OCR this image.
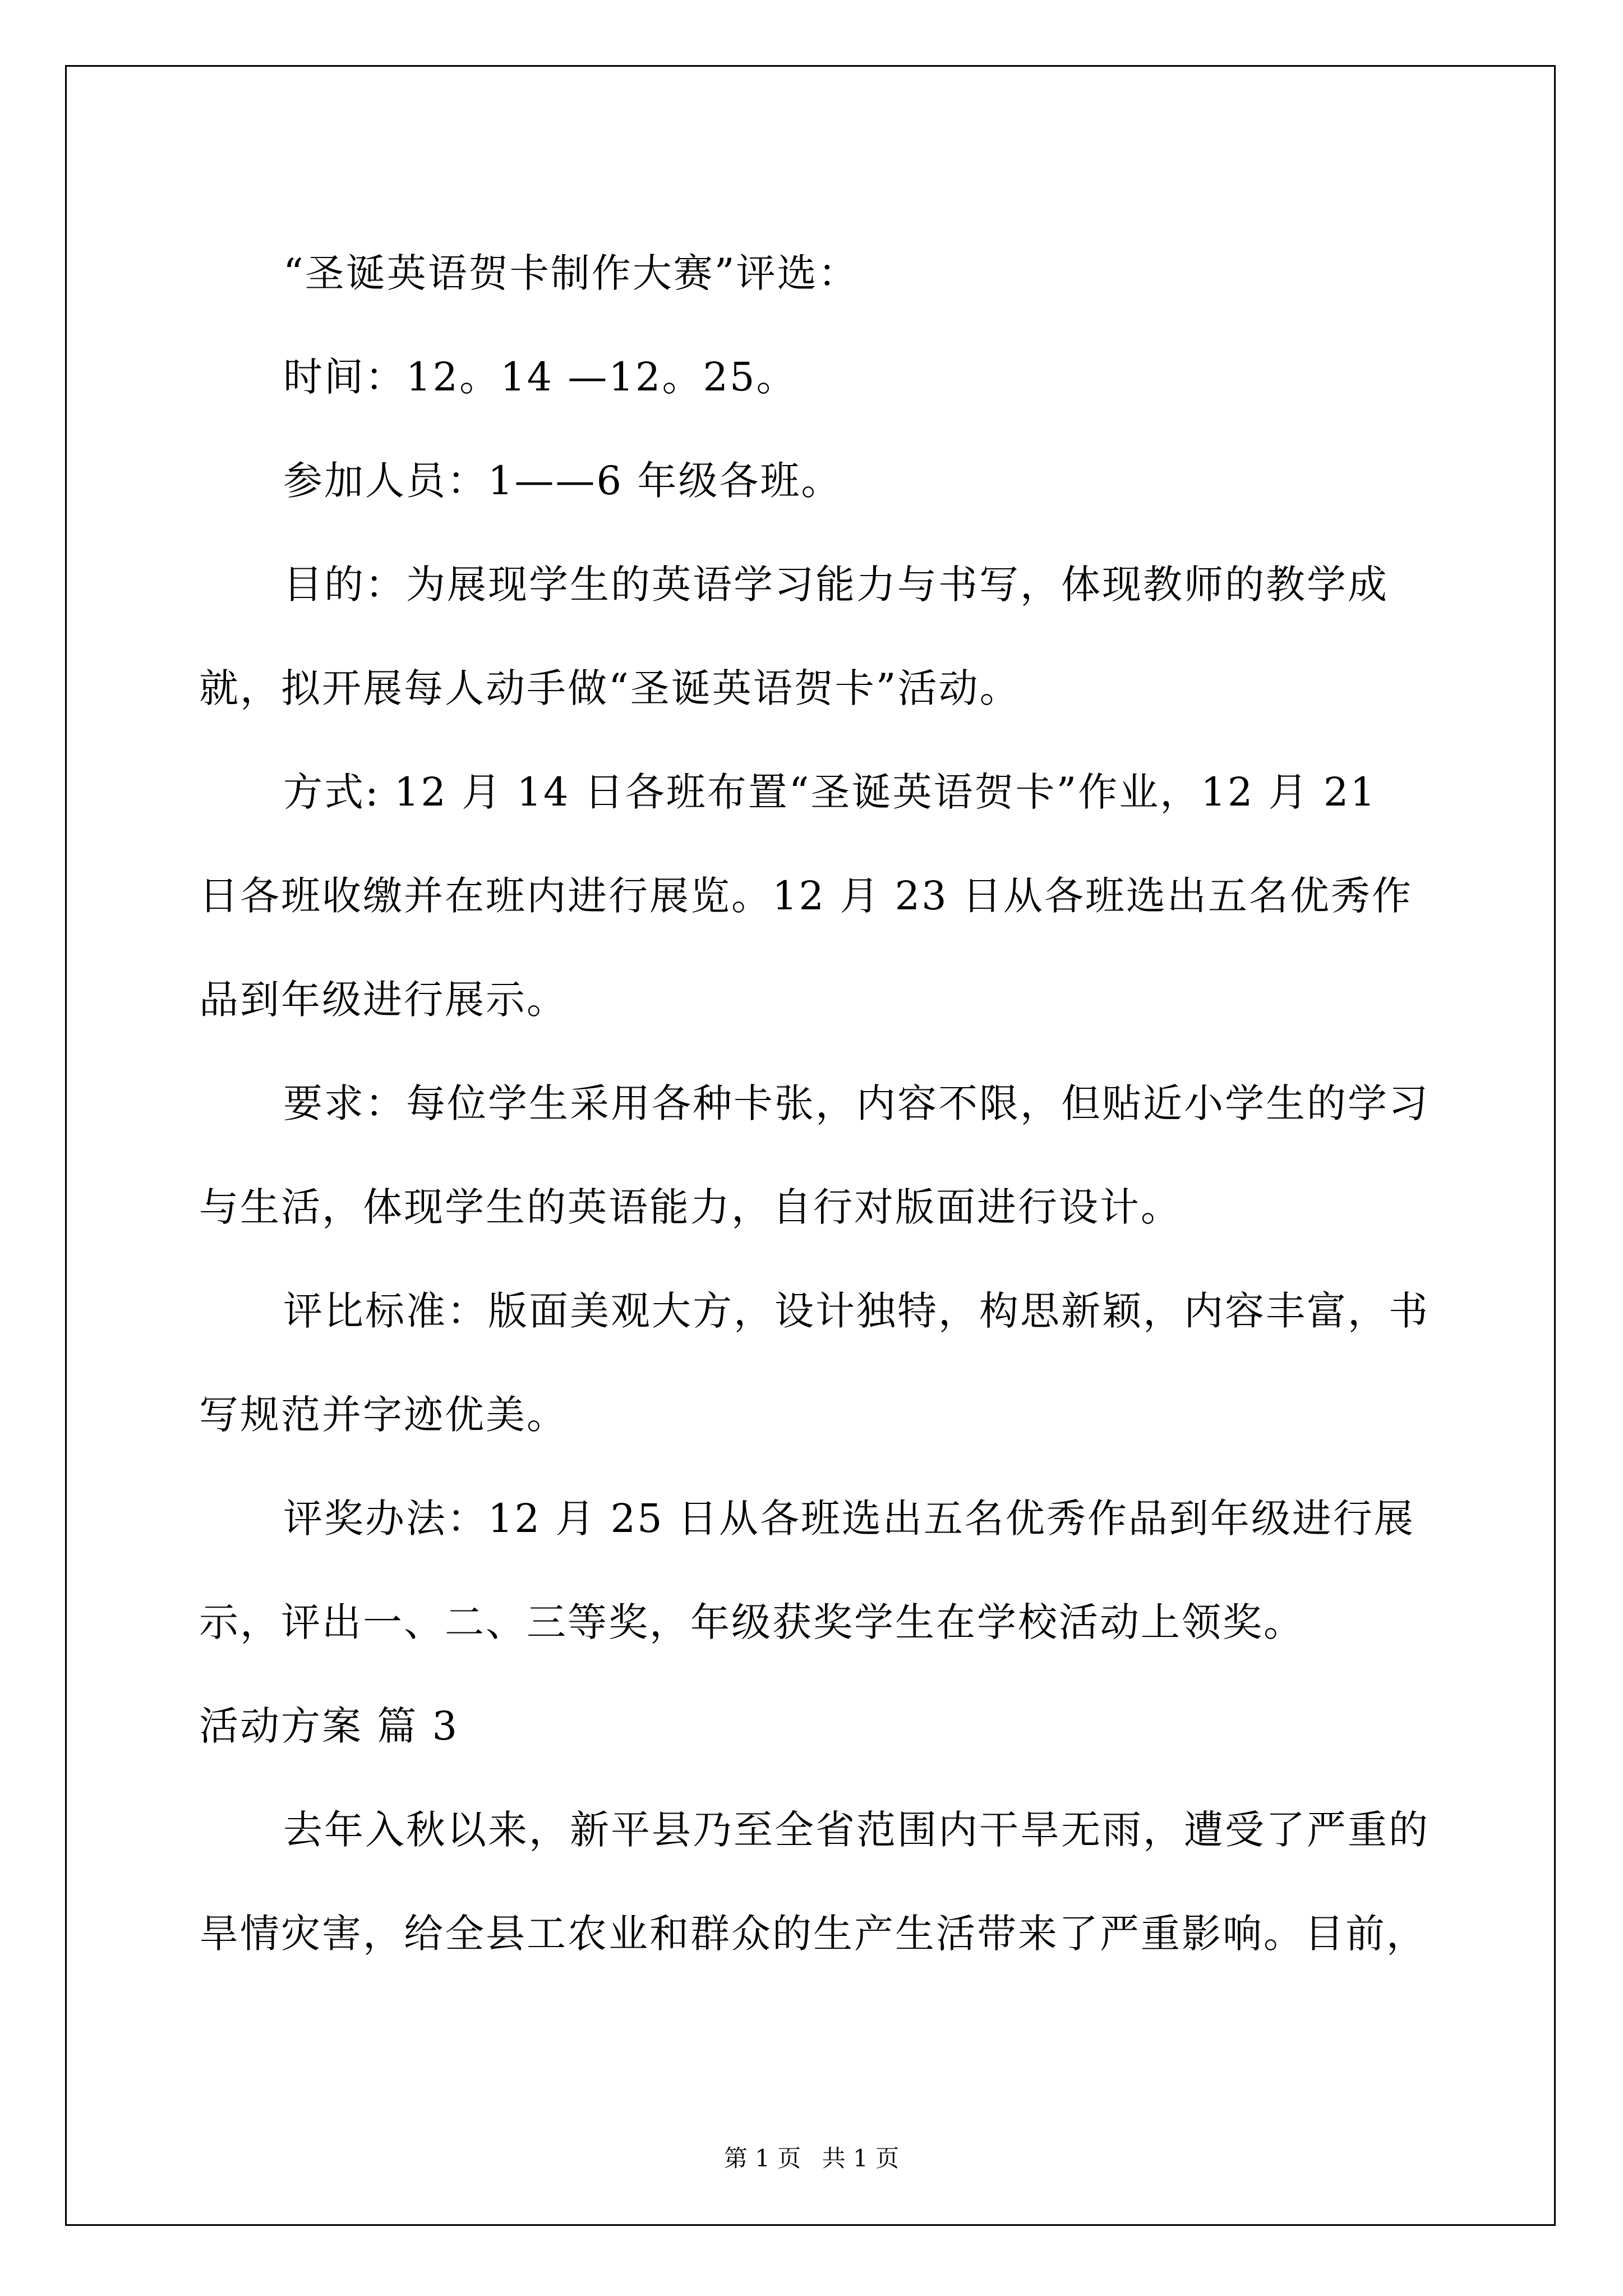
“圣诞英语贺卡制作大赛”评选：

时间：12。14 —12。25。

参加人员：1——6 年级各班。

目的：为展现学生的英语学习能力与书写，体现教师的教学成就，拟开展每人动手做“圣诞英语贺卡”活动。

方式: 12 月 14 日各班布置“圣诞英语贺卡”作业，12 月 21 日各班收缴并在班内进行展览。12 月 23 日从各班选出五名优秀作品到年级进行展示。

要求：每位学生采用各种卡张，内容不限，但贴近小学生的学习与生活，体现学生的英语能力，自行对版面进行设计。

评比标准：版面美观大方，设计独特，构思新颖，内容丰富，书写规范并字迹优美。

评奖办法：12 月 25 日从各班选出五名优秀作品到年级进行展示，评出一、二、三等奖，年级获奖学生在学校活动上领奖。

活动方案 篇 3

去年入秋以来，新平县乃至全省范围内干旱无雨，遭受了严重的旱情灾害，给全县工农业和群众的生产生活带来了严重影响。目前，

第 1 页 共 1 页
